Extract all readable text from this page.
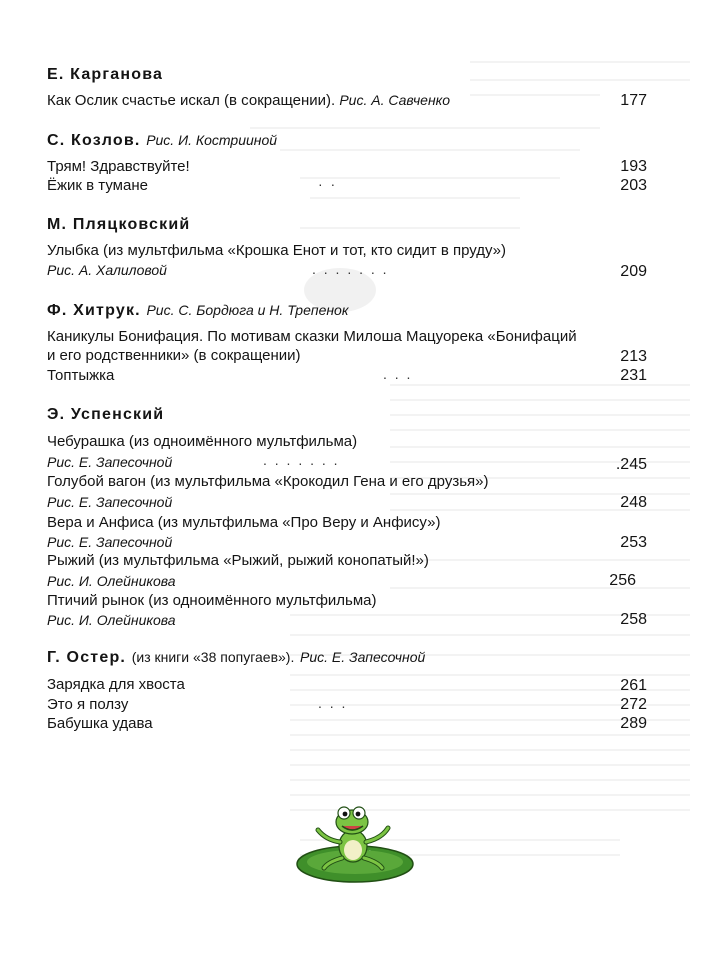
Е. Карганова
Как Ослик счастье искал (в сокращении). Рис. А. Савченко	177
С. Козлов. Рис. И. Кострииной
Трям! Здравствуйте!	193
Ёжик в тумане	· ·	203
М. Пляцковский
Улыбка (из мультфильма «Крошка Енот и тот, кто сидит в пруду»)
Рис. А. Халиловой	. . . . . . .	209
Ф. Хитрук. Рис. С. Бордюга и Н. Трепенок
Каникулы Бонифация. По мотивам сказки Милоша Мацуорека «Бонифаций
и его родственники» (в сокращении)	213
Топтыжка	. . .	231
Э. Успенский
Чебурашка (из одноимённого мультфильма)
Рис. Е. Запесочной	. . . . . . .	.245
Голубой вагон (из мультфильма «Крокодил Гена и его друзья»)
Рис. Е. Запесочной	248
Вера и Анфиса (из мультфильма «Про Веру и Анфису»)
Рис. Е. Запесочной	253
Рыжий (из мультфильма «Рыжий, рыжий конопатый!»)
Рис. И. Олейникова	256
Птичий рынок (из одноимённого мультфильма)
Рис. И. Олейникова	258
Г. Остер. (из книги «38 попугаев»). Рис. Е. Запесочной
Зарядка для хвоста	261
Это я ползу	. . .	272
Бабушка удава	289
